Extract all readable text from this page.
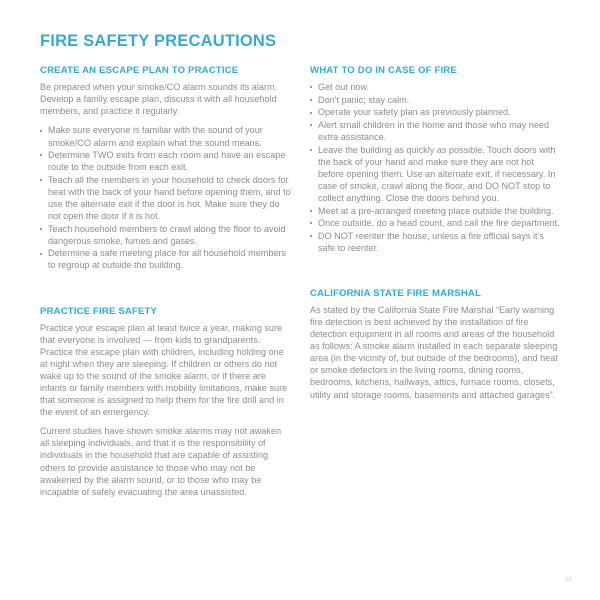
FIRE SAFETY PRECAUTIONS
CREATE AN ESCAPE PLAN TO PRACTICE

Be prepared when your smoke/CO alarm sounds its alarm. Develop a family escape plan, discuss it with all household members, and practice it regularly.

Make sure everyone is familiar with the sound of your smoke/CO alarm and explain what the sound means.
Determine TWO exits from each room and have an escape route to the outside from each exit.
Teach all the members in your household to check doors for heat with the back of your hand before opening them, and to use the alternate exit if the door is hot. Make sure they do not open the door if it is hot.
Teach household members to crawl along the floor to avoid dangerous smoke, fumes and gases.
Determine a safe meeting place for all household members to regroup at outside the building.
PRACTICE FIRE SAFETY

Practice your escape plan at least twice a year, making sure that everyone is involved — from kids to grandparents. Practice the escape plan with children, including holding one at night when they are sleeping. If children or others do not wake up to the sound of the smoke alarm, or if there are infants or family members with mobility limitations, make sure that someone is assigned to help them for the fire drill and in the event of an emergency.

Current studies have shown smoke alarms may not awaken all sleeping individuals, and that it is the responsibility of individuals in the household that are capable of assisting others to provide assistance to those who may not be awakened by the alarm sound, or to those who may be incapable of safely evacuating the area unassisted.

WHAT TO DO IN CASE OF FIRE
Get out now.
Don't panic; stay calm.
Operate your safety plan as previously planned.
Alert small children in the home and those who may need extra assistance.
Leave the building as quickly as possible. Touch doors with the back of your hand and make sure they are not hot before opening them. Use an alternate exit, if necessary. In case of smoke, crawl along the floor, and DO NOT stop to collect anything. Close the doors behind you.
Meet at a pre-arranged meeting place outside the building.
Once outside, do a head count, and call the fire department.
DO NOT reenter the house, unless a fire official says it's safe to reenter.
CALIFORNIA STATE FIRE MARSHAL

As stated by the California State Fire Marshal “Early warning fire detection is best achieved by the installation of fire detection equipment in all rooms and areas of the household as follows: A smoke alarm installed in each separate sleeping area (in the vicinity of, but outside of the bedrooms), and heat or smoke detectors in the living rooms, dining rooms, bedrooms, kitchens, hallways, attics, furnace rooms, closets, utility and storage rooms, basements and attached garages”.

23
